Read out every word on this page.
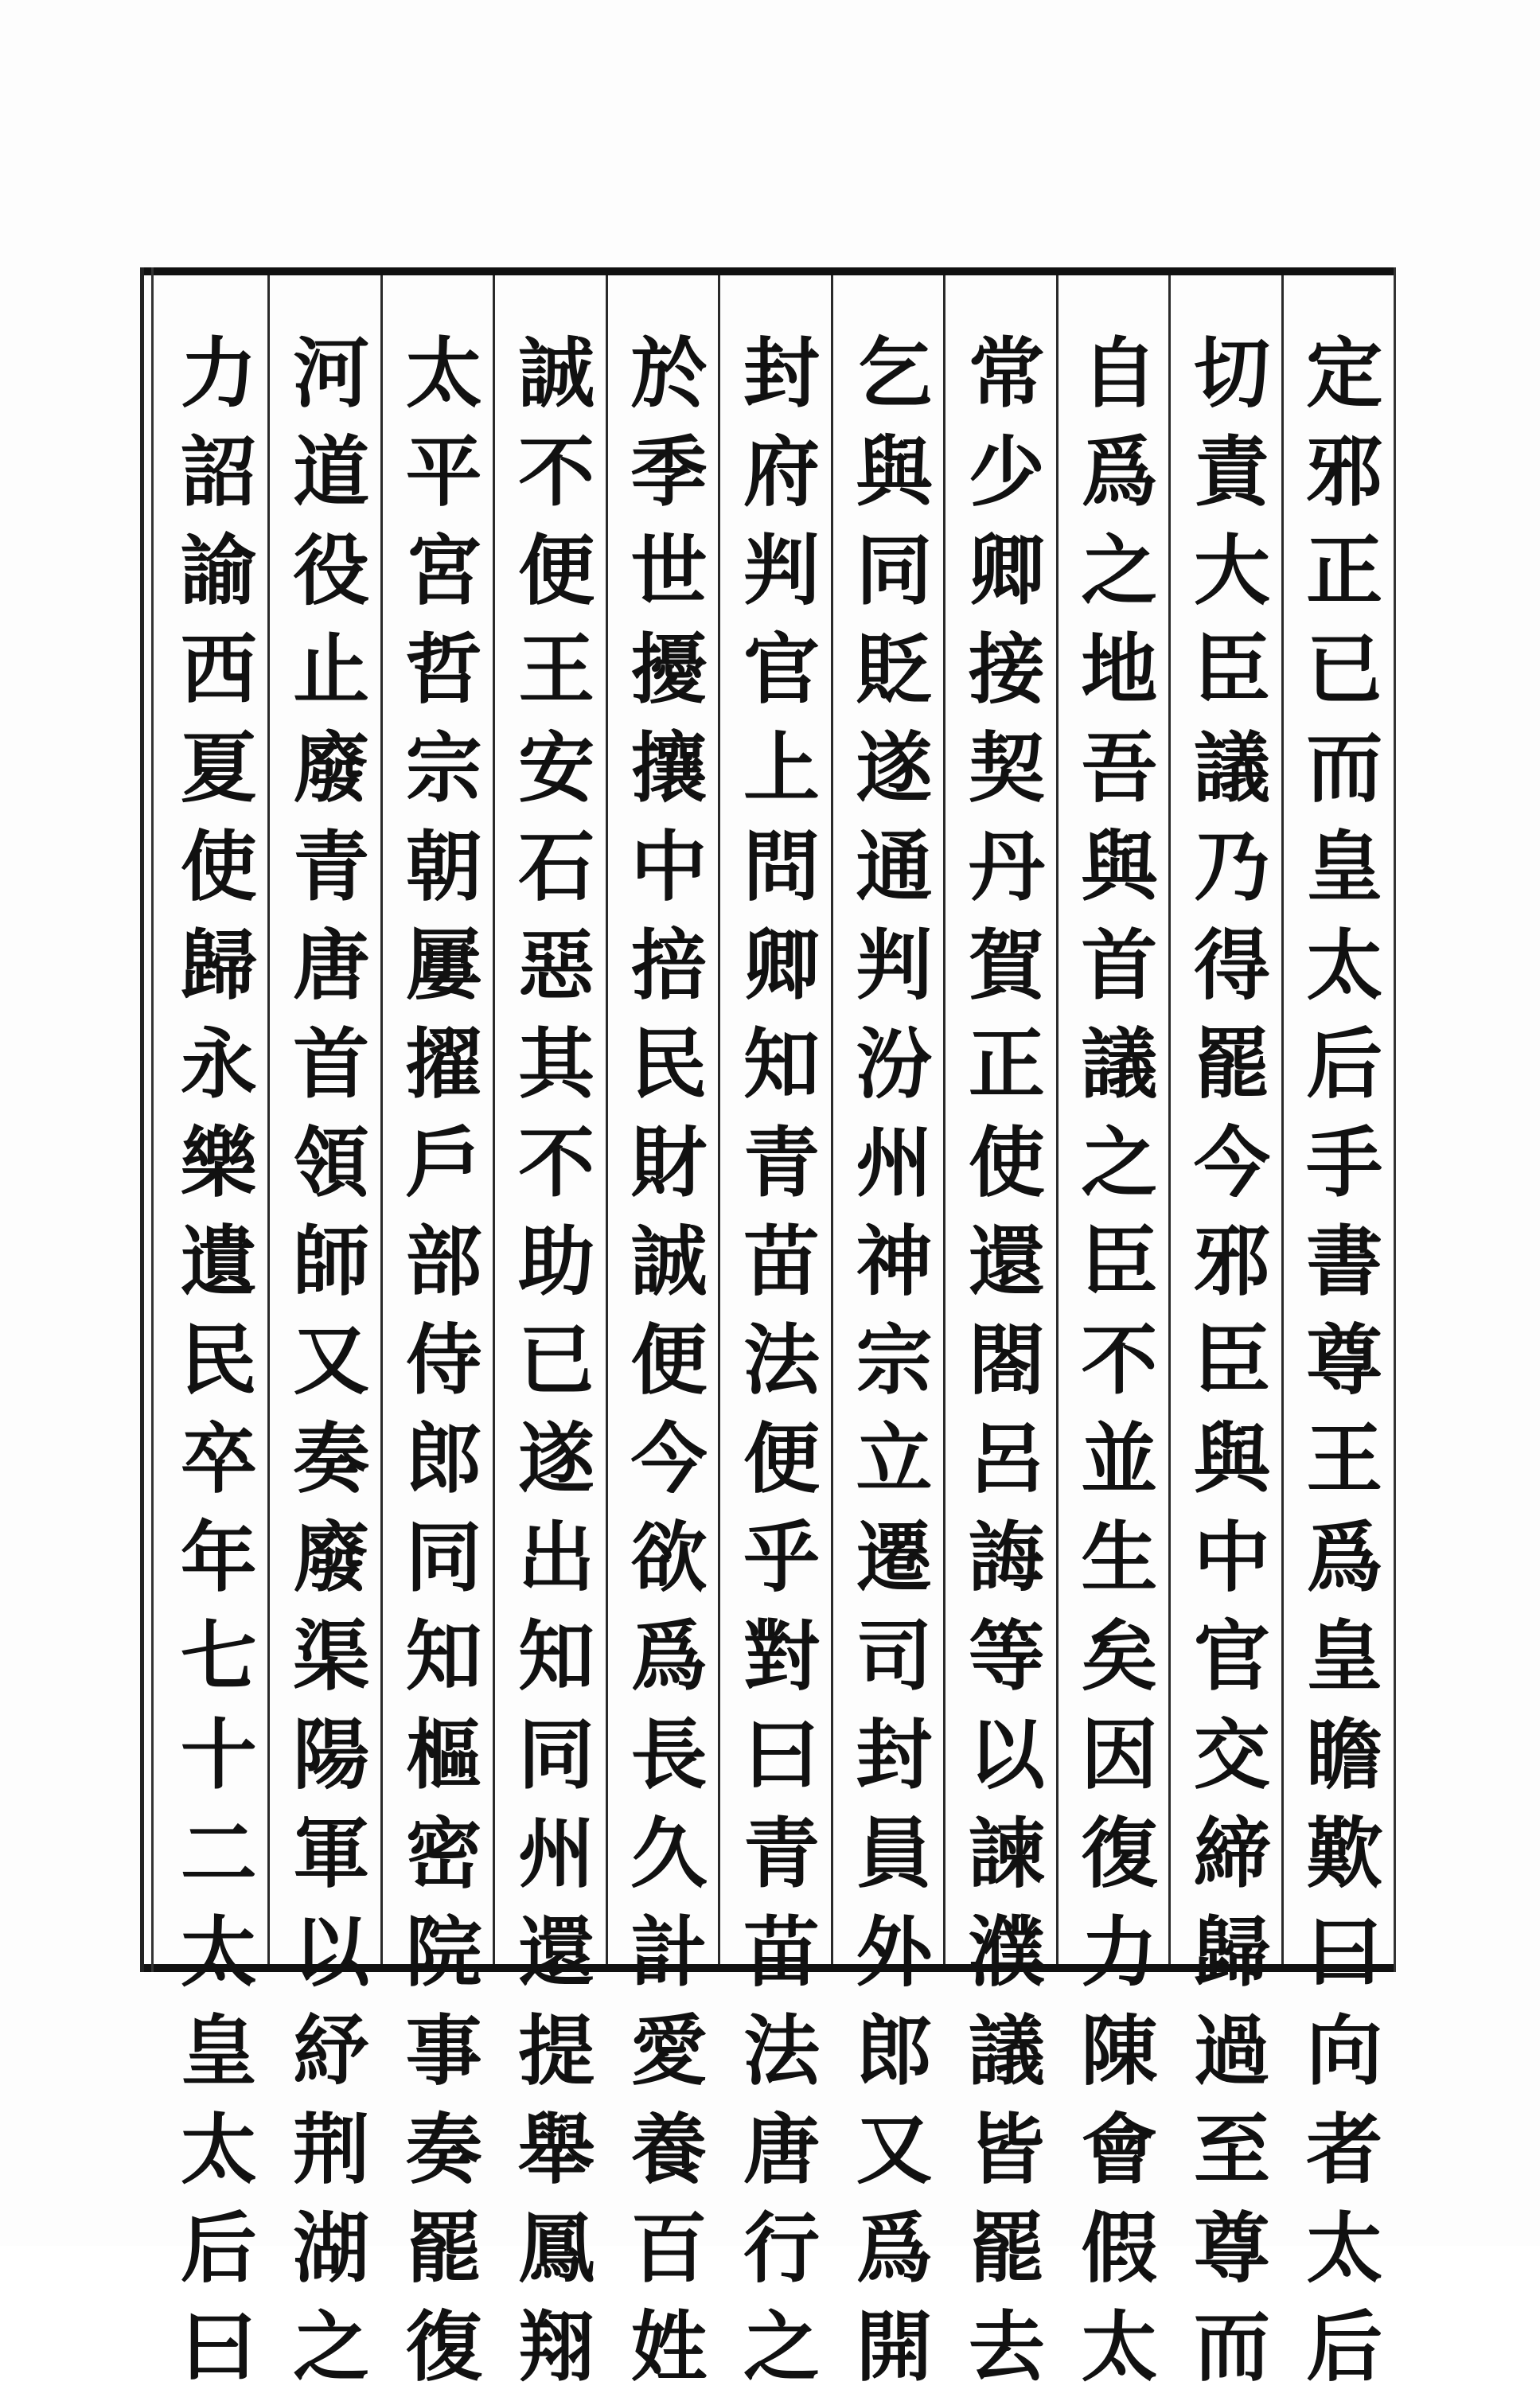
定邪正已而皇太后手書尊王爲皇瞻歎曰向者太后
切責大臣議乃得罷今邪臣與中官交締歸過至尊而
自爲之地吾與首議之臣不並生矣因復力陳會假太
常少卿接契丹賀正使還閤呂誨等以諫濮議皆罷去
乞與同貶遂通判汾州神宗立遷司封員外郎又爲開
封府判官上問卿知青苗法便乎對曰青苗法唐行之
於季世擾攘中掊民財誠便今欲爲長久計愛養百姓
誠不便王安石惡其不助已遂出知同州還提舉鳳翔
太平宮哲宗朝屢擢戶部侍郎同知樞密院事奏罷復
河道役止廢青唐首領師又奏廢渠陽軍以紓荆湖之
力詔諭西夏使歸永樂遺民卒年七十二太皇太后曰
